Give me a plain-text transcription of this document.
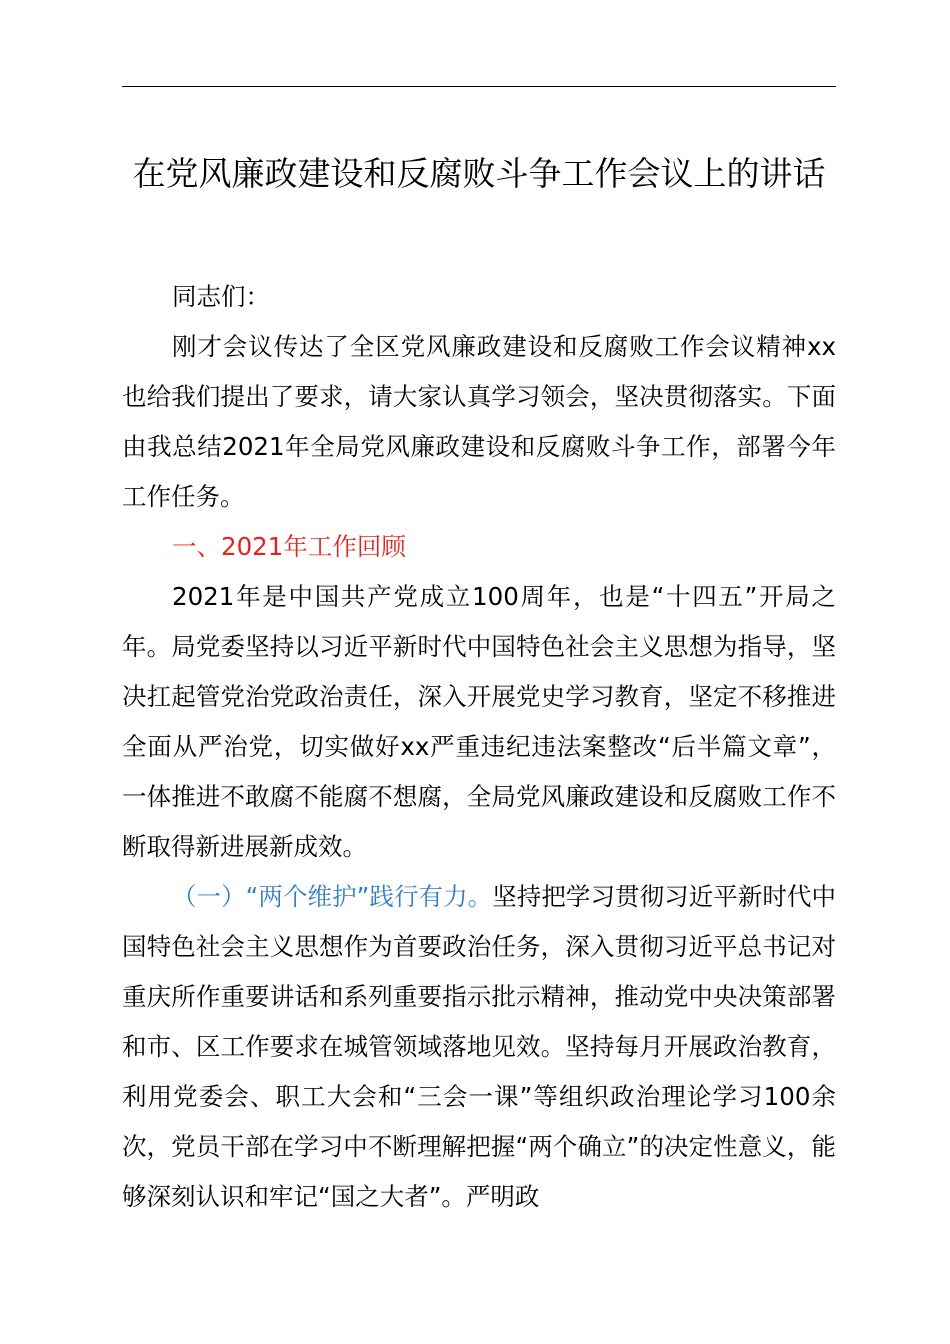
在党风廉政建设和反腐败斗争工作会议上的讲话

同志们：

刚才会议传达了全区党风廉政建设和反腐败工作会议精神xx也给我们提出了要求，请大家认真学习领会，坚决贯彻落实。下面由我总结2021年全局党风廉政建设和反腐败斗争工作，部署今年工作任务。

一、2021年工作回顾

2021年是中国共产党成立100周年，也是“十四五”开局之年。局党委坚持以习近平新时代中国特色社会主义思想为指导，坚决扛起管党治党政治责任，深入开展党史学习教育，坚定不移推进全面从严治党，切实做好xx严重违纪违法案整改“后半篇文章”，一体推进不敢腐不能腐不想腐，全局党风廉政建设和反腐败工作不断取得新进展新成效。

（一）“两个维护”践行有力。坚持把学习贯彻习近平新时代中国特色社会主义思想作为首要政治任务，深入贯彻习近平总书记对重庆所作重要讲话和系列重要指示批示精神，推动党中央决策部署和市、区工作要求在城管领域落地见效。坚持每月开展政治教育，利用党委会、职工大会和“三会一课”等组织政治理论学习100余次，党员干部在学习中不断理解把握“两个确立”的决定性意义，能够深刻认识和牢记“国之大者”。严明政
